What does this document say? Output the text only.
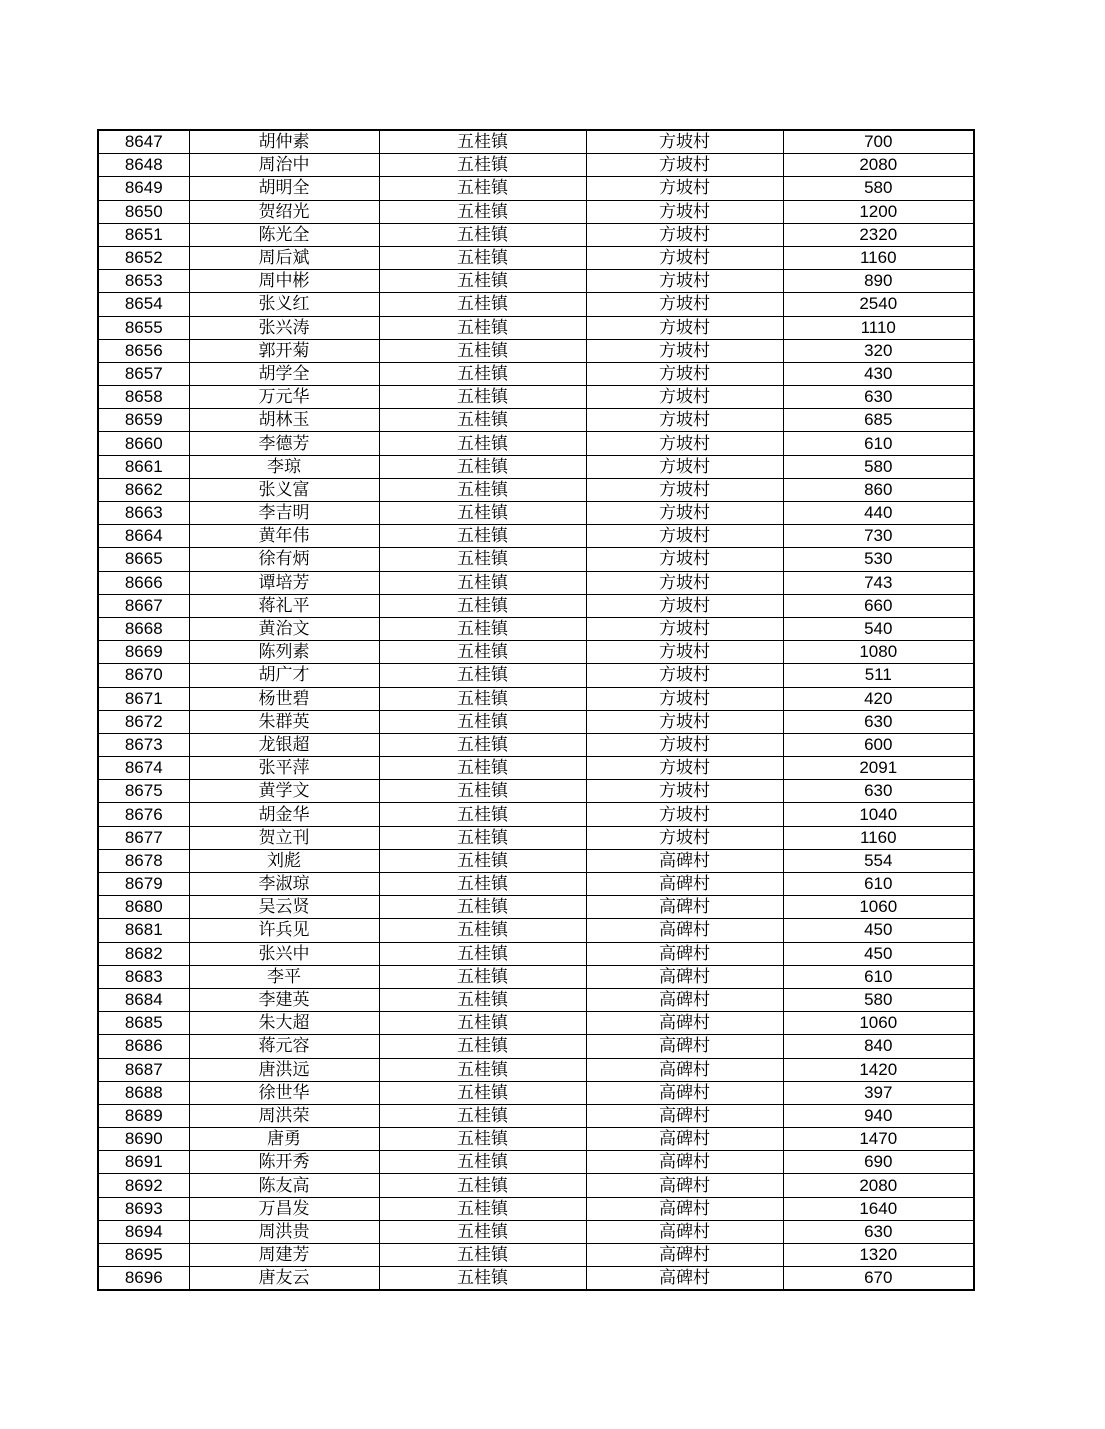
8647	胡仲素	五桂镇	方坡村	700
8648	周治中	五桂镇	方坡村	2080
8649	胡明全	五桂镇	方坡村	580
8650	贺绍光	五桂镇	方坡村	1200
8651	陈光全	五桂镇	方坡村	2320
8652	周后斌	五桂镇	方坡村	1160
8653	周中彬	五桂镇	方坡村	890
8654	张义红	五桂镇	方坡村	2540
8655	张兴涛	五桂镇	方坡村	1110
8656	郭开菊	五桂镇	方坡村	320
8657	胡学全	五桂镇	方坡村	430
8658	万元华	五桂镇	方坡村	630
8659	胡林玉	五桂镇	方坡村	685
8660	李德芳	五桂镇	方坡村	610
8661	李琼	五桂镇	方坡村	580
8662	张义富	五桂镇	方坡村	860
8663	李吉明	五桂镇	方坡村	440
8664	黄年伟	五桂镇	方坡村	730
8665	徐有炳	五桂镇	方坡村	530
8666	谭培芳	五桂镇	方坡村	743
8667	蒋礼平	五桂镇	方坡村	660
8668	黄治文	五桂镇	方坡村	540
8669	陈列素	五桂镇	方坡村	1080
8670	胡广才	五桂镇	方坡村	511
8671	杨世碧	五桂镇	方坡村	420
8672	朱群英	五桂镇	方坡村	630
8673	龙银超	五桂镇	方坡村	600
8674	张平萍	五桂镇	方坡村	2091
8675	黄学文	五桂镇	方坡村	630
8676	胡金华	五桂镇	方坡村	1040
8677	贺立刊	五桂镇	方坡村	1160
8678	刘彪	五桂镇	高碑村	554
8679	李淑琼	五桂镇	高碑村	610
8680	吴云贤	五桂镇	高碑村	1060
8681	许兵见	五桂镇	高碑村	450
8682	张兴中	五桂镇	高碑村	450
8683	李平	五桂镇	高碑村	610
8684	李建英	五桂镇	高碑村	580
8685	朱大超	五桂镇	高碑村	1060
8686	蒋元容	五桂镇	高碑村	840
8687	唐洪远	五桂镇	高碑村	1420
8688	徐世华	五桂镇	高碑村	397
8689	周洪荣	五桂镇	高碑村	940
8690	唐勇	五桂镇	高碑村	1470
8691	陈开秀	五桂镇	高碑村	690
8692	陈友高	五桂镇	高碑村	2080
8693	万昌发	五桂镇	高碑村	1640
8694	周洪贵	五桂镇	高碑村	630
8695	周建芳	五桂镇	高碑村	1320
8696	唐友云	五桂镇	高碑村	670
